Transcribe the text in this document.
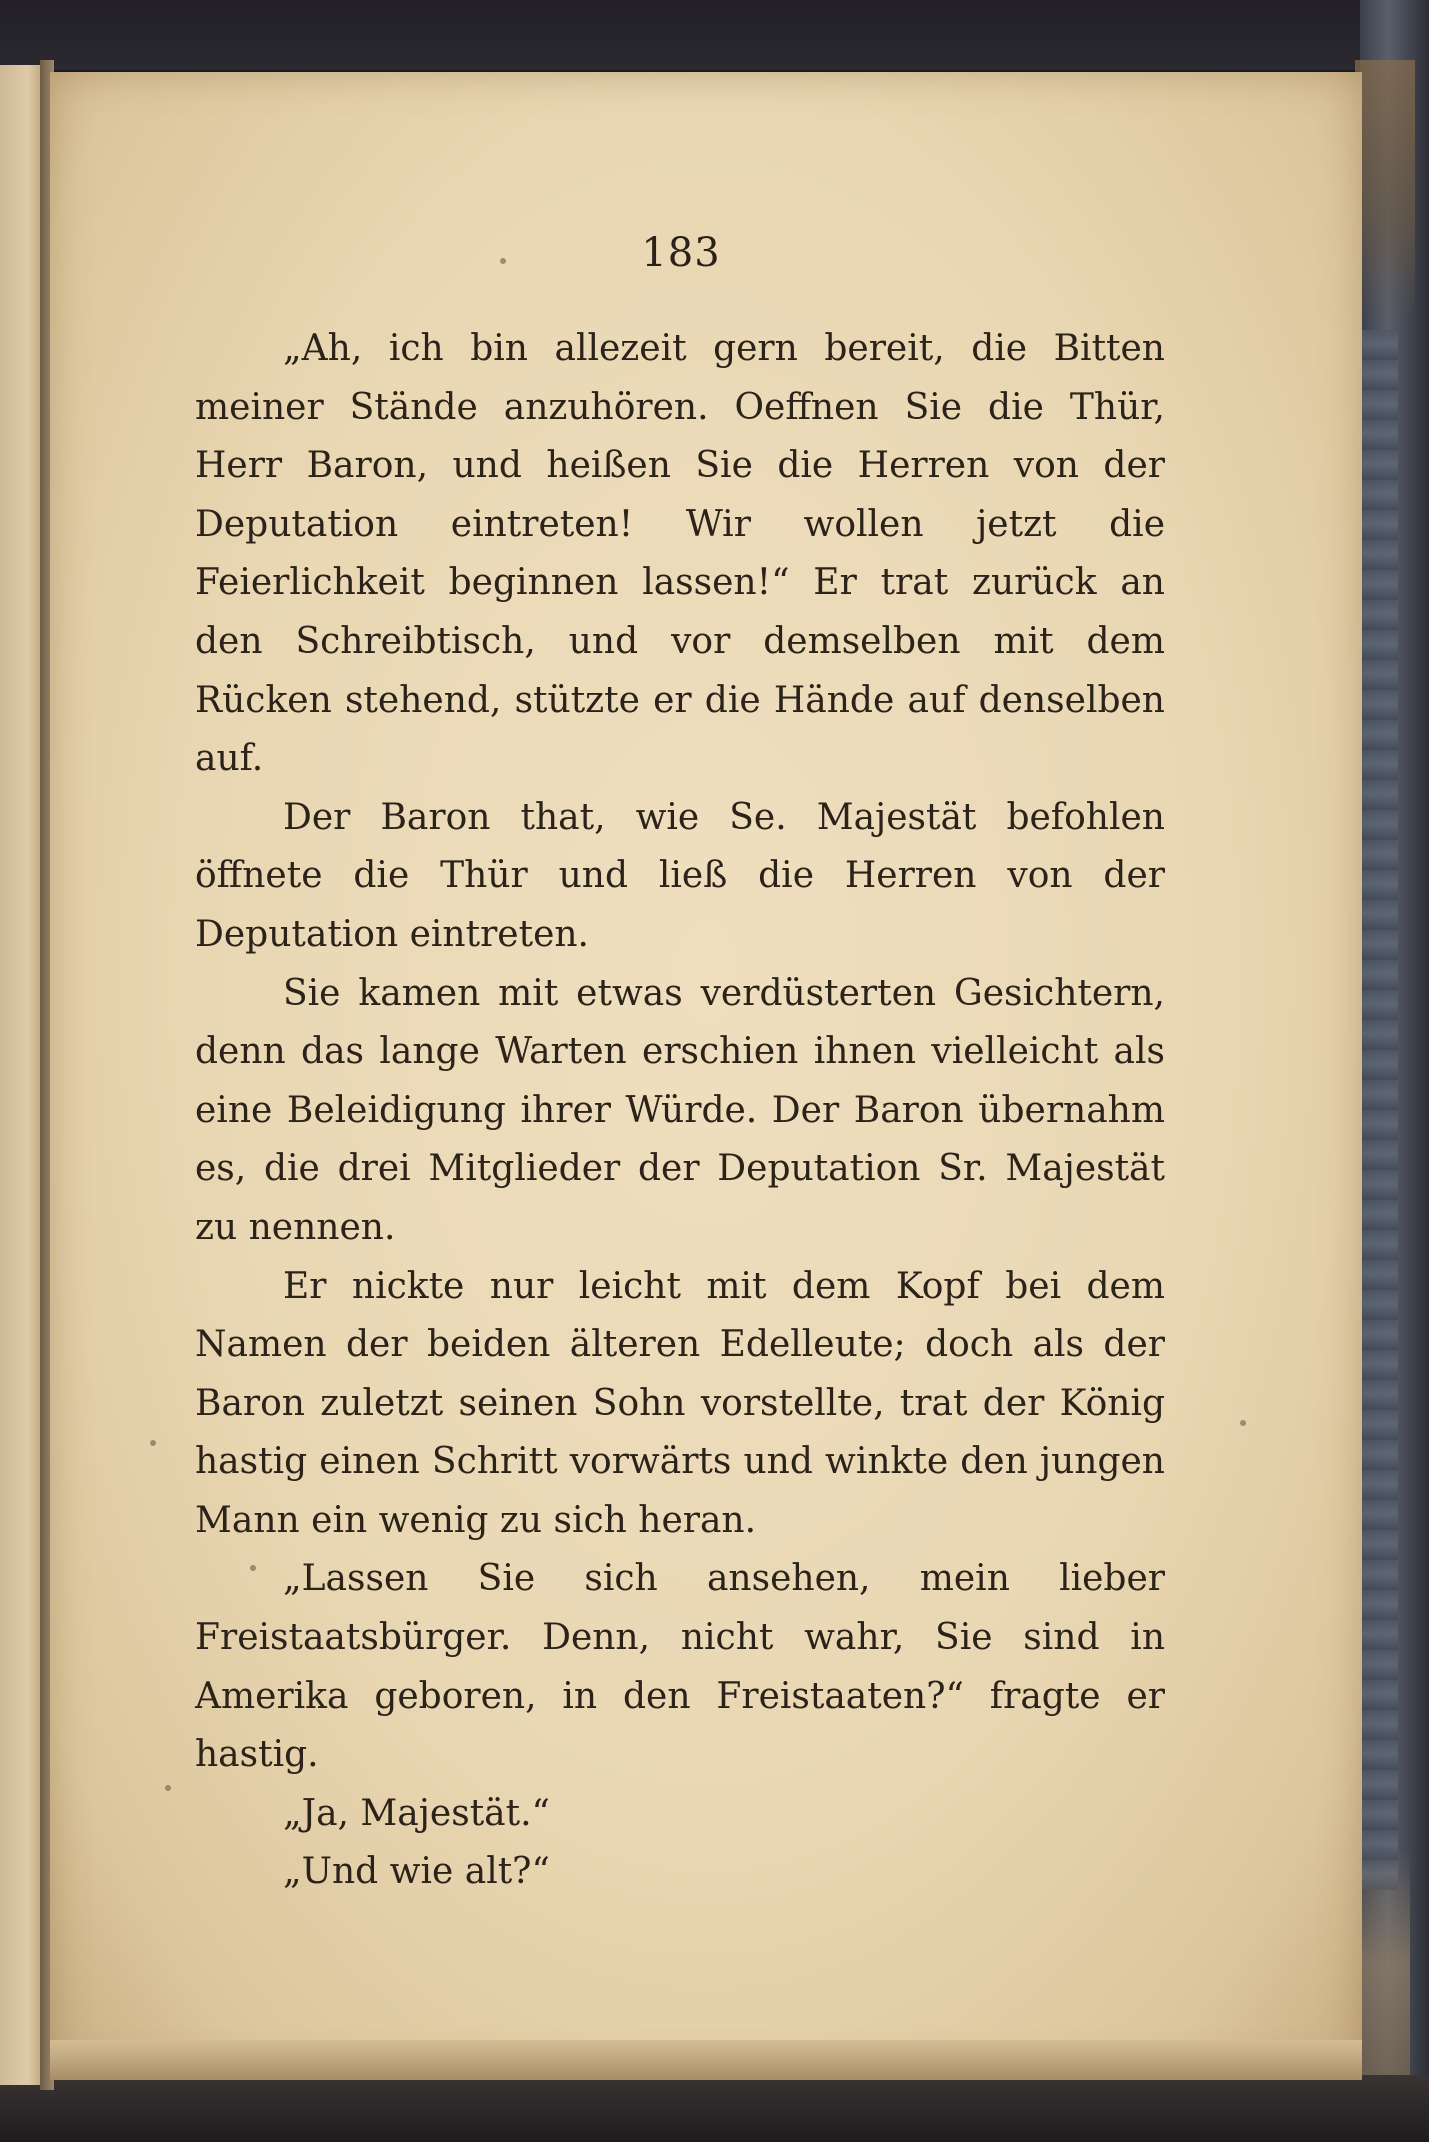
183

„Ah, ich bin allezeit gern bereit, die Bitten meiner Stände anzuhören. Oeffnen Sie die Thür, Herr Baron, und heißen Sie die Herren von der Deputation eintreten! Wir wollen jetzt die Feierlichkeit beginnen lassen!“ Er trat zurück an den Schreibtisch, und vor demselben mit dem Rücken stehend, stützte er die Hände auf denselben auf.

Der Baron that, wie Se. Majestät befohlen öffnete die Thür und ließ die Herren von der Deputation eintreten.

Sie kamen mit etwas verdüsterten Gesichtern, denn das lange Warten erschien ihnen vielleicht als eine Beleidigung ihrer Würde. Der Baron übernahm es, die drei Mitglieder der Deputation Sr. Majestät zu nennen.

Er nickte nur leicht mit dem Kopf bei dem Namen der beiden älteren Edelleute; doch als der Baron zuletzt seinen Sohn vorstellte, trat der König hastig einen Schritt vorwärts und winkte den jungen Mann ein wenig zu sich heran.

„Lassen Sie sich ansehen, mein lieber Freistaatsbürger. Denn, nicht wahr, Sie sind in Amerika geboren, in den Freistaaten?“ fragte er hastig.

„Ja, Majestät.“

„Und wie alt?“
